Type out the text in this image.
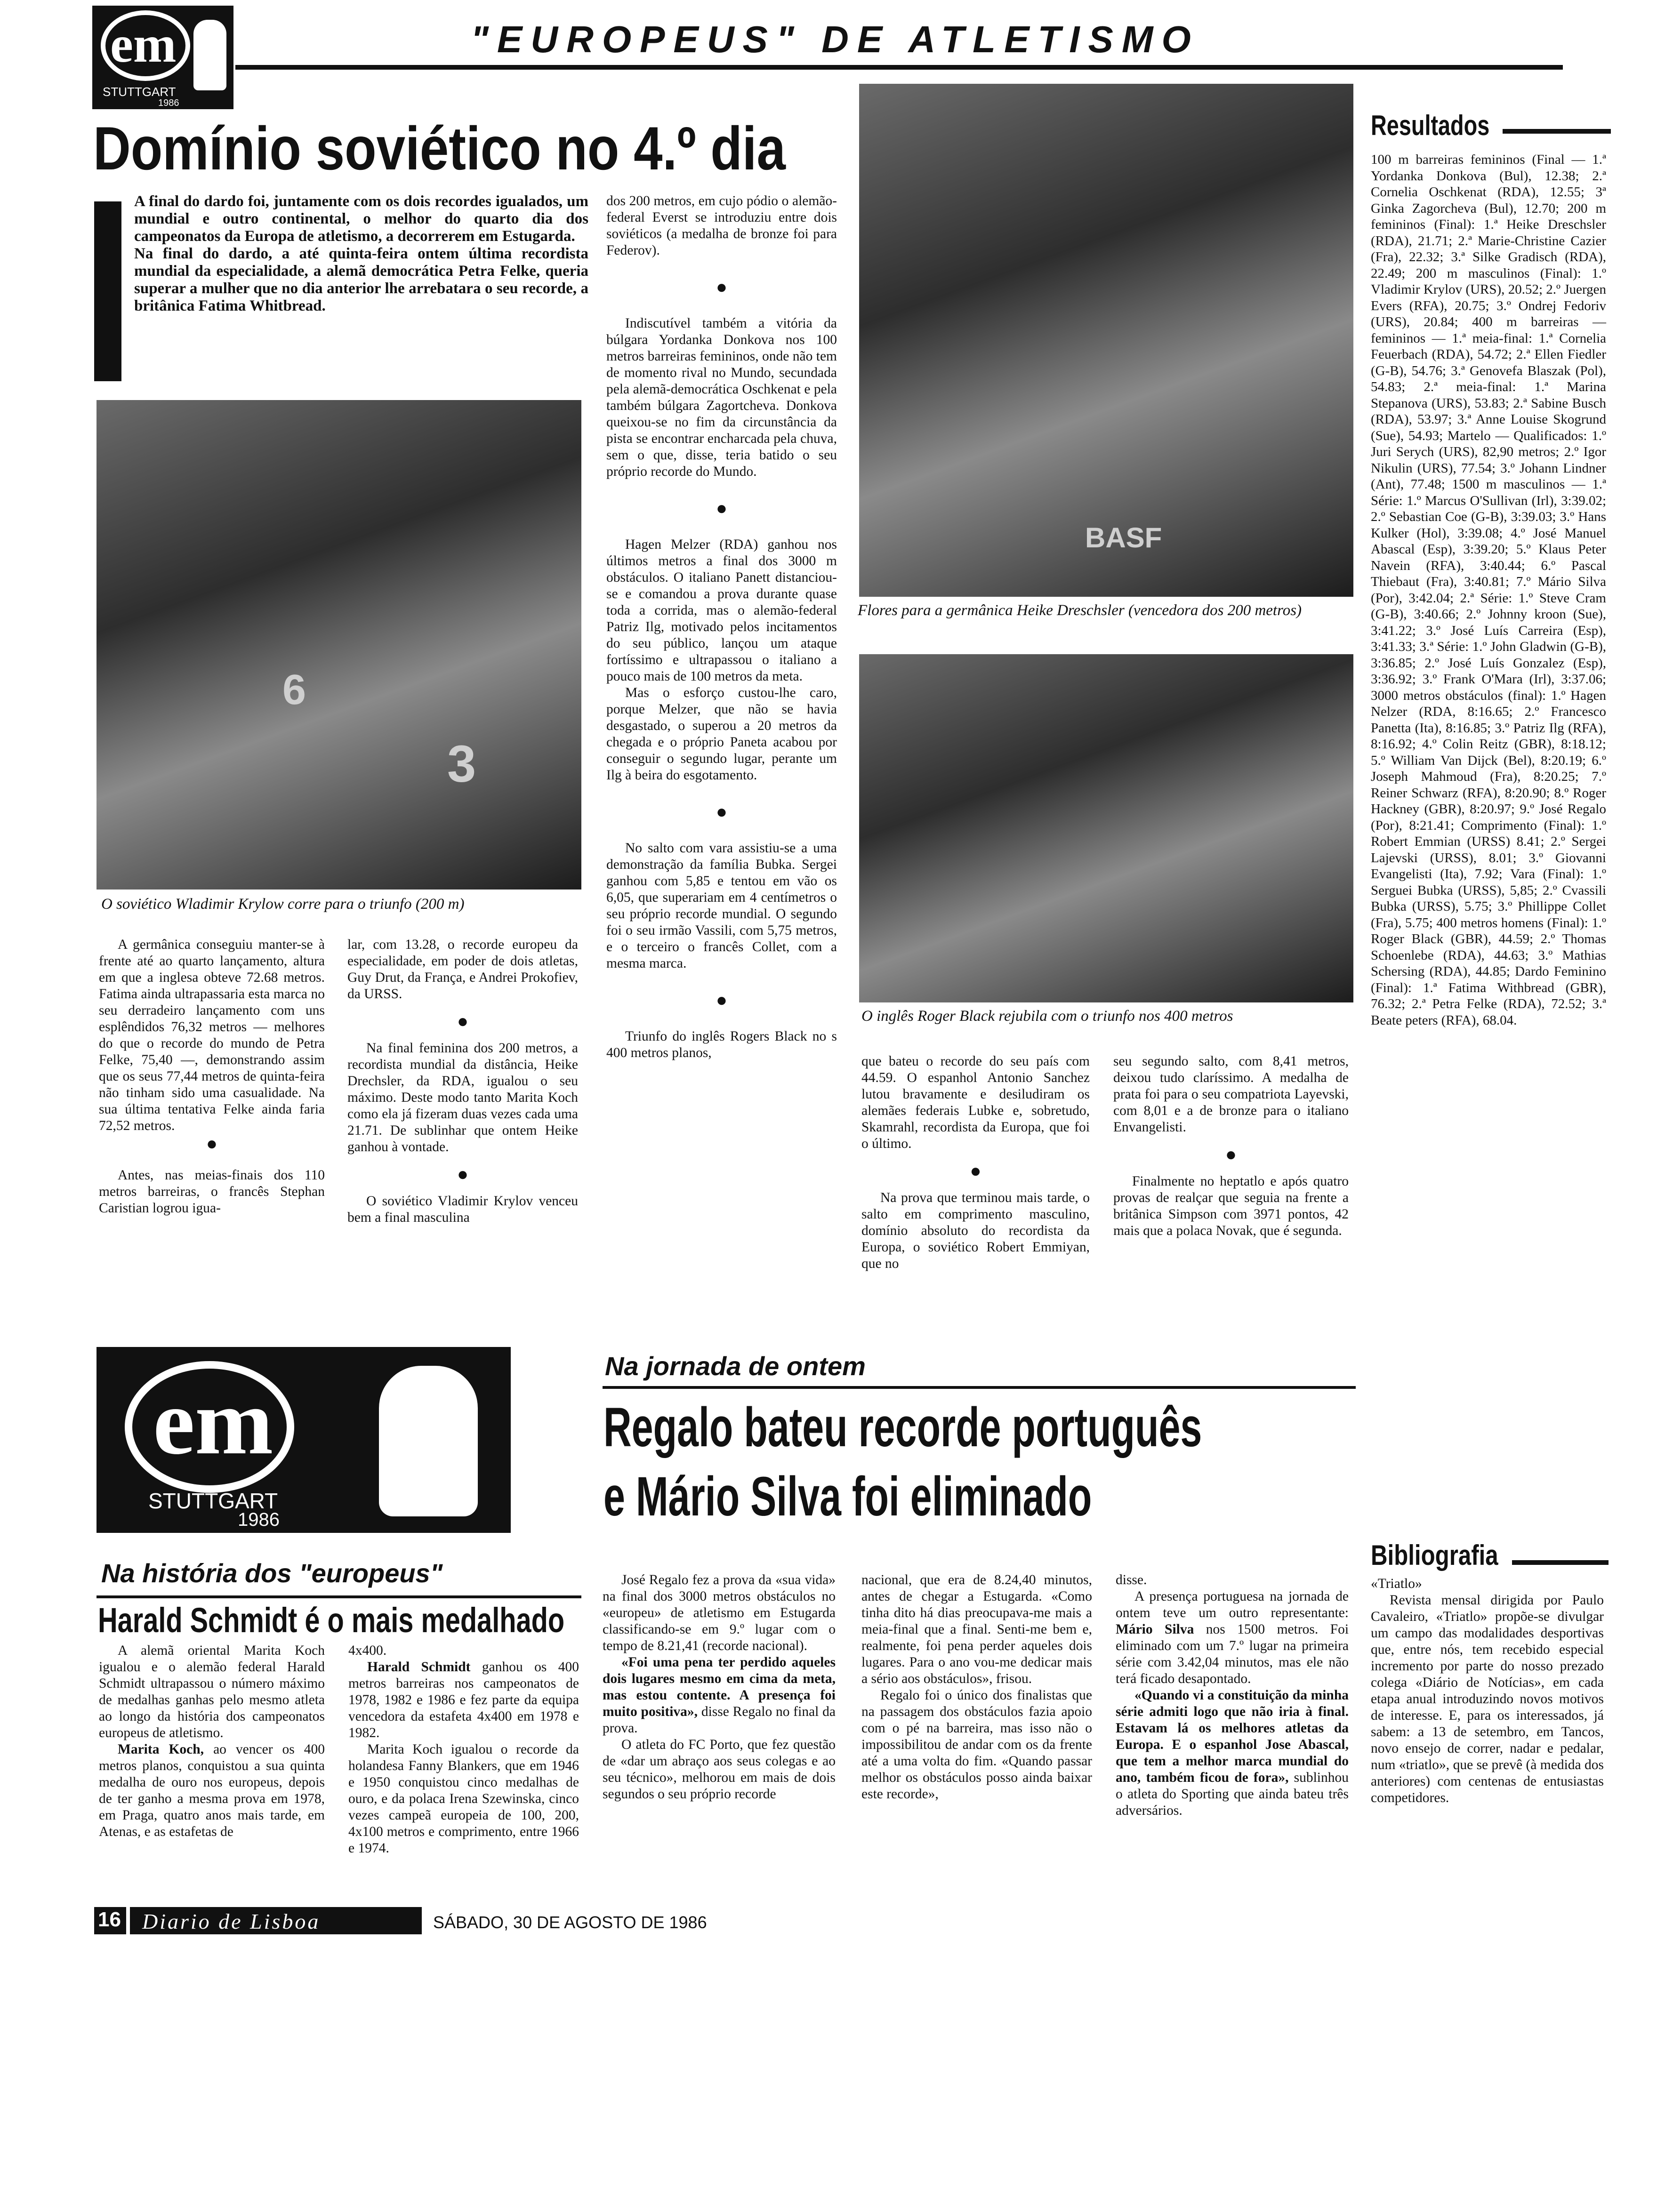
em
STUTTGART
1986
"EUROPEUS" DE ATLETISMO
Domínio soviético no 4.º dia
A final do dardo foi, juntamente com os dois recordes igualados, um mundial e outro continental, o melhor do quarto dia dos campeonatos da Europa de atletismo, a decorrerem em Estugarda.
Na final do dardo, a até quinta-feira ontem última recordista mundial da especialidade, a alemã democrática Petra Felke, queria superar a mulher que no dia anterior lhe arrebatara o seu recorde, a britânica Fatima Whitbread.
6
3
O soviético Wladimir Krylow corre para o triunfo (200 m)

A germânica conseguiu manter-se à frente até ao quarto lançamento, altura em que a inglesa obteve 72.68 metros. Fatima ainda ultrapassaria esta marca no seu derradeiro lançamento com uns esplêndidos 76,32 metros — melhores do que o recorde do mundo de Petra Felke, 75,40 —, demonstrando assim que os seus 77,44 metros de quinta-feira não tinham sido uma casualidade. Na sua última tentativa Felke ainda faria 72,52 metros.

●

Antes, nas meias-finais dos 110 metros barreiras, o francês Stephan Caristian logrou igua-

lar, com 13.28, o recorde europeu da especialidade, em poder de dois atletas, Guy Drut, da França, e Andrei Prokofiev, da URSS.

●

Na final feminina dos 200 metros, a recordista mundial da distância, Heike Drechsler, da RDA, igualou o seu máximo. Deste modo tanto Marita Koch como ela já fizeram duas vezes cada uma 21.71. De sublinhar que ontem Heike ganhou à vontade.

●

O soviético Vladimir Krylov venceu bem a final masculina

dos 200 metros, em cujo pódio o alemão-federal Everst se introduziu entre dois soviéticos (a medalha de bronze foi para Federov).

●

Indiscutível também a vitória da búlgara Yordanka Donkova nos 100 metros barreiras femininos, onde não tem de momento rival no Mundo, secundada pela alemã-democrática Oschkenat e pela também búlgara Zagortcheva. Donkova queixou-se no fim da circunstância da pista se encontrar encharcada pela chuva, sem o que, disse, teria batido o seu próprio recorde do Mundo.

●

Hagen Melzer (RDA) ganhou nos últimos metros a final dos 3000 m obstáculos. O italiano Panett distanciou-se e comandou a prova durante quase toda a corrida, mas o alemão-federal Patriz Ilg, motivado pelos incitamentos do seu público, lançou um ataque fortíssimo e ultrapassou o italiano a pouco mais de 100 metros da meta.

Mas o esforço custou-lhe caro, porque Melzer, que não se havia desgastado, o superou a 20 metros da chegada e o próprio Paneta acabou por conseguir o segundo lugar, perante um Ilg à beira do esgotamento.

●

No salto com vara assistiu-se a uma demonstração da família Bubka. Sergei ganhou com 5,85 e tentou em vão os 6,05, que superariam em 4 centímetros o seu próprio recorde mundial. O segundo foi o seu irmão Vassili, com 5,75 metros, e o terceiro o francês Collet, com a mesma marca.

●

Triunfo do inglês Rogers Black no s 400 metros planos,

BASF
Flores para a germânica Heike Dreschsler (vencedora dos 200 metros)
O inglês Roger Black rejubila com o triunfo nos 400 metros

que bateu o recorde do seu país com 44.59. O espanhol Antonio Sanchez lutou bravamente e desiludiram os alemães federais Lubke e, sobretudo, Skamrahl, recordista da Europa, que foi o último.

●

Na prova que terminou mais tarde, o salto em comprimento masculino, domínio absoluto do recordista da Europa, o soviético Robert Emmiyan, que no

seu segundo salto, com 8,41 metros, deixou tudo claríssimo. A medalha de prata foi para o seu compatriota Layevski, com 8,01 e a de bronze para o italiano Envangelisti.

●

Finalmente no heptatlo e após quatro provas de realçar que seguia na frente a britânica Simpson com 3971 pontos, 42 mais que a polaca Novak, que é segunda.

Resultados
100 m barreiras femininos (Final — 1.ª Yordanka Donkova (Bul), 12.38; 2.ª Cornelia Oschkenat (RDA), 12.55; 3ª Ginka Zagorcheva (Bul), 12.70; 200 m femininos (Final): 1.ª Heike Dreschsler (RDA), 21.71; 2.ª Marie-Christine Cazier (Fra), 22.32; 3.ª Silke Gradisch (RDA), 22.49; 200 m masculinos (Final): 1.º Vladimir Krylov (URS), 20.52; 2.º Juergen Evers (RFA), 20.75; 3.º Ondrej Fedoriv (URS), 20.84; 400 m barreiras — femininos — 1.ª meia-final: 1.ª Cornelia Feuerbach (RDA), 54.72; 2.ª Ellen Fiedler (G-B), 54.76; 3.ª Genovefa Blaszak (Pol), 54.83; 2.ª meia-final: 1.ª Marina Stepanova (URS), 53.83; 2.ª Sabine Busch (RDA), 53.97; 3.ª Anne Louise Skogrund (Sue), 54.93; Martelo — Qualificados: 1.º Juri Serych (URS), 82,90 metros; 2.º Igor Nikulin (URS), 77.54; 3.º Johann Lindner (Ant), 77.48; 1500 m masculinos — 1.ª Série: 1.º Marcus O'Sullivan (Irl), 3:39.02; 2.º Sebastian Coe (G-B), 3:39.03; 3.º Hans Kulker (Hol), 3:39.08; 4.º José Manuel Abascal (Esp), 3:39.20; 5.º Klaus Peter Navein (RFA), 3:40.44; 6.º Pascal Thiebaut (Fra), 3:40.81; 7.º Mário Silva (Por), 3:42.04; 2.ª Série: 1.º Steve Cram (G-B), 3:40.66; 2.º Johnny kroon (Sue), 3:41.22; 3.º José Luís Carreira (Esp), 3:41.33; 3.ª Série: 1.º John Gladwin (G-B), 3:36.85; 2.º José Luís Gonzalez (Esp), 3:36.92; 3.º Frank O'Mara (Irl), 3:37.06; 3000 metros obstáculos (final): 1.º Hagen Nelzer (RDA, 8:16.65; 2.º Francesco Panetta (Ita), 8:16.85; 3.º Patriz Ilg (RFA), 8:16.92; 4.º Colin Reitz (GBR), 8:18.12; 5.º William Van Dijck (Bel), 8:20.19; 6.º Joseph Mahmoud (Fra), 8:20.25; 7.º Reiner Schwarz (RFA), 8:20.90; 8.º Roger Hackney (GBR), 8:20.97; 9.º José Regalo (Por), 8:21.41; Comprimento (Final): 1.º Robert Emmian (URSS) 8.41; 2.º Sergei Lajevski (URSS), 8.01; 3.º Giovanni Evangelisti (Ita), 7.92; Vara (Final): 1.º Serguei Bubka (URSS), 5,85; 2.º Cvassili Bubka (URSS), 5.75; 3.º Phillippe Collet (Fra), 5.75; 400 metros homens (Final): 1.º Roger Black (GBR), 44.59; 2.º Thomas Schoenlebe (RDA), 44.63; 3.º Mathias Schersing (RDA), 44.85; Dardo Feminino (Final): 1.ª Fatima Withbread (GBR), 76.32; 2.ª Petra Felke (RDA), 72.52; 3.ª Beate peters (RFA), 68.04.
Bibliografia
«Triatlo»

Revista mensal dirigida por Paulo Cavaleiro, «Triatlo» propõe-se divulgar um campo das modalidades desportivas que, entre nós, tem recebido especial incremento por parte do nosso prezado colega «Diário de Notícias», em cada etapa anual introduzindo novos motivos de interesse. E, para os interessados, já sabem: a 13 de setembro, em Tancos, novo ensejo de correr, nadar e pedalar, num «triatlo», que se prevê (à medida dos anteriores) com centenas de entusiastas competidores.

em
STUTTGART
1986
Na jornada de ontem
Regalo bateu recorde português
e Mário Silva foi eliminado

José Regalo fez a prova da «sua vida» na final dos 3000 metros obstáculos no «europeu» de atletismo em Estugarda classificando-se em 9.º lugar com o tempo de 8.21,41 (recorde nacional).

«Foi uma pena ter perdido aqueles dois lugares mesmo em cima da meta, mas estou contente. A presença foi muito positiva», disse Regalo no final da prova.

O atleta do FC Porto, que fez questão de «dar um abraço aos seus colegas e ao seu técnico», melhorou em mais de dois segundos o seu próprio recorde

nacional, que era de 8.24,40 minutos, antes de chegar a Estugarda. «Como tinha dito há dias preocupava-me mais a meia-final que a final. Senti-me bem e, realmente, foi pena perder aqueles dois lugares. Para o ano vou-me dedicar mais a sério aos obstáculos», frisou.

Regalo foi o único dos finalistas que na passagem dos obstáculos fazia apoio com o pé na barreira, mas isso não o impossibilitou de andar com os da frente até a uma volta do fim. «Quando passar melhor os obstáculos posso ainda baixar este recorde»,

disse.

A presença portuguesa na jornada de ontem teve um outro representante: Mário Silva nos 1500 metros. Foi eliminado com um 7.º lugar na primeira série com 3.42,04 minutos, mas ele não terá ficado desapontado.

«Quando vi a constituição da minha série admiti logo que não iria à final. Estavam lá os melhores atletas da Europa. E o espanhol Jose Abascal, que tem a melhor marca mundial do ano, também ficou de fora», sublinhou o atleta do Sporting que ainda bateu três adversários.

Na história dos "europeus"
Harald Schmidt é o mais medalhado

A alemã oriental Marita Koch igualou e o alemão federal Harald Schmidt ultrapassou o número máximo de medalhas ganhas pelo mesmo atleta ao longo da história dos campeonatos europeus de atletismo.

Marita Koch, ao vencer os 400 metros planos, conquistou a sua quinta medalha de ouro nos europeus, depois de ter ganho a mesma prova em 1978, em Praga, quatro anos mais tarde, em Atenas, e as estafetas de

4x400.

Harald Schmidt ganhou os 400 metros barreiras nos campeonatos de 1978, 1982 e 1986 e fez parte da equipa vencedora da estafeta 4x400 em 1978 e 1982.

Marita Koch igualou o recorde da holandesa Fanny Blankers, que em 1946 e 1950 conquistou cinco medalhas de ouro, e da polaca Irena Szewinska, cinco vezes campeã europeia de 100, 200, 4x100 metros e comprimento, entre 1966 e 1974.

16 Diario de Lisboa	SÁBADO, 30 DE AGOSTO DE 1986
